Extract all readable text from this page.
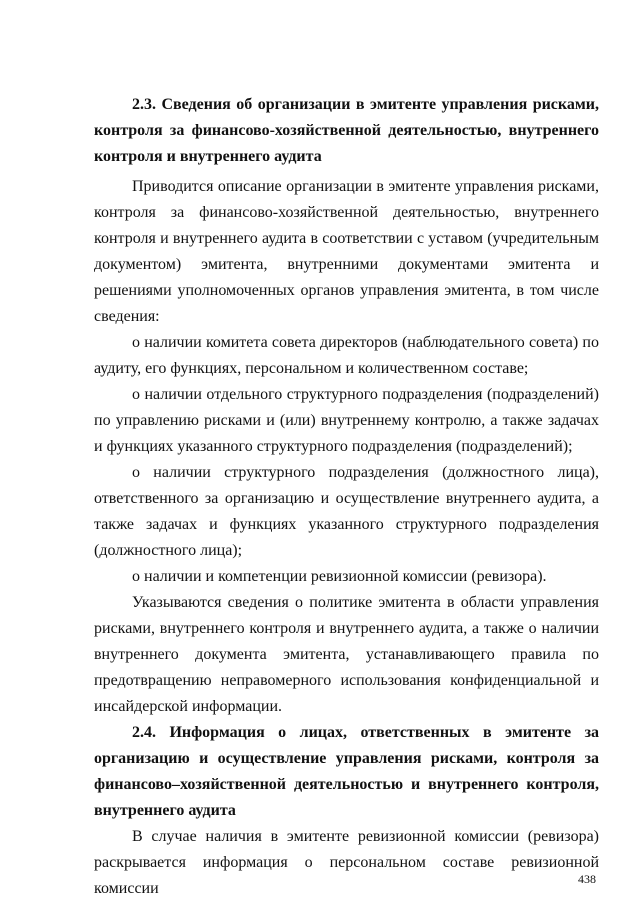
2.3. Сведения об организации в эмитенте управления рисками, контроля за финансово-хозяйственной деятельностью, внутреннего контроля и внутреннего аудита

Приводится описание организации в эмитенте управления рисками, контроля за финансово-хозяйственной деятельностью, внутреннего контроля и внутреннего аудита в соответствии с уставом (учредительным документом) эмитента, внутренними документами эмитента и решениями уполномоченных органов управления эмитента, в том числе сведения:

о наличии комитета совета директоров (наблюдательного совета) по аудиту, его функциях, персональном и количественном составе;

о наличии отдельного структурного подразделения (подразделений) по управлению рисками и (или) внутреннему контролю, а также задачах и функциях указанного структурного подразделения (подразделений);

о наличии структурного подразделения (должностного лица), ответственного за организацию и осуществление внутреннего аудита, а также задачах и функциях указанного структурного подразделения (должностного лица);

о наличии и компетенции ревизионной комиссии (ревизора).

Указываются сведения о политике эмитента в области управления рисками, внутреннего контроля и внутреннего аудита, а также о наличии внутреннего документа эмитента, устанавливающего правила по предотвращению неправомерного использования конфиденциальной и инсайдерской информации.

2.4. Информация о лицах, ответственных в эмитенте за организацию и осуществление управления рисками, контроля за финансово–хозяйственной деятельностью и внутреннего контроля, внутреннего аудита

В случае наличия в эмитенте ревизионной комиссии (ревизора) раскрывается информация о персональном составе ревизионной комиссии

438
